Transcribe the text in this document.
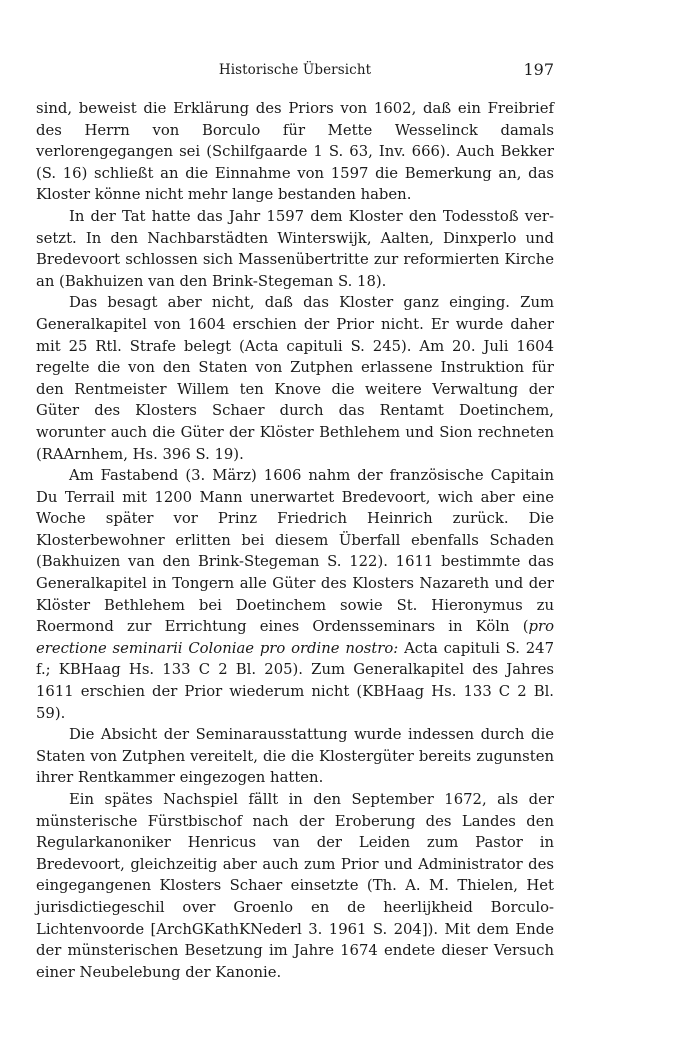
Historische Übersicht	197

sind, beweist die Erklärung des Priors von 1602, daß ein Freibrief des Herrn von Borculo für Mette Wesselinck damals verlorengegangen sei (Schilfgaarde 1 S. 63, Inv. 666). Auch Bekker (S. 16) schließt an die Einnahme von 1597 die Bemerkung an, das Kloster könne nicht mehr lange bestanden haben.

In der Tat hatte das Jahr 1597 dem Kloster den Todesstoß versetzt. In den Nachbarstädten Winterswijk, Aalten, Dinxperlo und Bredevoort schlossen sich Massenübertritte zur reformierten Kirche an (Bakhuizen van den Brink-Stegeman S. 18).

Das besagt aber nicht, daß das Kloster ganz einging. Zum Generalkapitel von 1604 erschien der Prior nicht. Er wurde daher mit 25 Rtl. Strafe belegt (Acta capituli S. 245). Am 20. Juli 1604 regelte die von den Staten von Zutphen erlassene Instruktion für den Rentmeister Willem ten Knove die weitere Verwaltung der Güter des Klosters Schaer durch das Rentamt Doetinchem, worunter auch die Güter der Klöster Bethlehem und Sion rechneten (RAArnhem, Hs. 396 S. 19).

Am Fastabend (3. März) 1606 nahm der französische Capitain Du Terrail mit 1200 Mann unerwartet Bredevoort, wich aber eine Woche später vor Prinz Friedrich Heinrich zurück. Die Klosterbewohner erlitten bei diesem Überfall ebenfalls Schaden (Bakhuizen van den Brink-Stegeman S. 122). 1611 bestimmte das Generalkapitel in Tongern alle Güter des Klosters Nazareth und der Klöster Bethlehem bei Doetinchem sowie St. Hieronymus zu Roermond zur Errichtung eines Ordensseminars in Köln (pro erectione seminarii Coloniae pro ordine nostro: Acta capituli S. 247 f.; KBHaag Hs. 133 C 2 Bl. 205). Zum Generalkapitel des Jahres 1611 erschien der Prior wiederum nicht (KBHaag Hs. 133 C 2 Bl. 59).

Die Absicht der Seminarausstattung wurde indessen durch die Staten von Zutphen vereitelt, die die Klostergüter bereits zugunsten ihrer Rentkammer eingezogen hatten.

Ein spätes Nachspiel fällt in den September 1672, als der münsterische Fürstbischof nach der Eroberung des Landes den Regularkanoniker Henricus van der Leiden zum Pastor in Bredevoort, gleichzeitig aber auch zum Prior und Administrator des eingegangenen Klosters Schaer einsetzte (Th. A. M. Thielen, Het jurisdictiegeschil over Groenlo en de heerlijkheid Borculo-Lichtenvoorde [ArchGKathKNederl 3. 1961 S. 204]). Mit dem Ende der münsterischen Besetzung im Jahre 1674 endete dieser Versuch einer Neubelebung der Kanonie.
